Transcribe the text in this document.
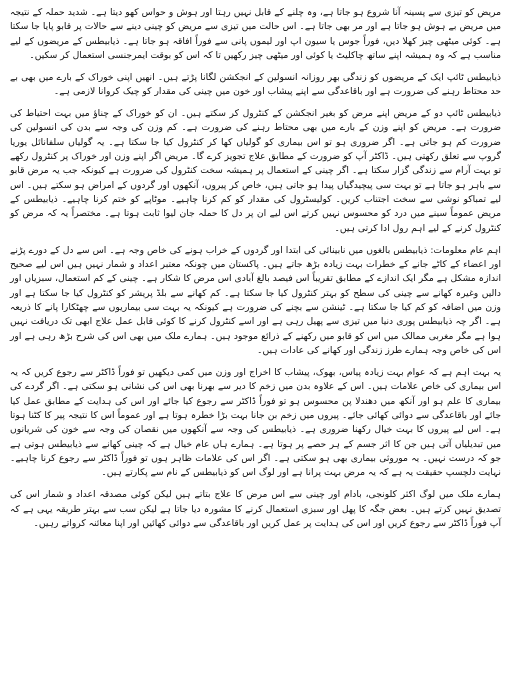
مریض کو تیزی سے پسینہ آنا شروع ہو جاتا ہے، وہ چلنے کے قابل نہیں رہتا اور ہوش و حواس کھو دیتا ہے۔ شدید حملہ کے نتیجہ میں مریض بے ہوش ہو جاتا ہے اور مر بھی جاتا ہے۔ اس حالت میں تیزی سے مریض کو چینی دینے سے حالات پر قابو پایا جا سکتا ہے۔ کوئی میٹھی چیز کھلا دیں، فوراً جوس یا سیون اپ اور لیموں پانی سے فوراً افاقہ ہو جاتا ہے۔ ذیابیطس کے مریضوں کے لیے مناسب ہے کہ وہ ہمیشہ اپنے ساتھ چاکلیٹ یا کوئی اور میٹھی چیز رکھیں تا کہ اس کو بوقت ایمرجنسی استعمال کر سکیں۔

ذیابیطس ٹائپ ایک کے مریضوں کو زندگی بھر روزانہ انسولین کے انجکشن لگانا پڑتے ہیں۔ انھیں اپنی خوراک کے بارے میں بھی بے حد محتاط رہنے کی ضرورت ہے اور باقاعدگی سے اپنے پیشاب اور خون میں چینی کی مقدار کو چیک کروانا لازمی ہے۔

ذیابیطس ٹائپ دو کے مریض اپنے مرض کو بغیر انجکشن کے کنٹرول کر سکتے ہیں۔ ان کو خوراک کے چناؤ میں بہت احتیاط کی ضرورت ہے۔ مریض کو اپنے وزن کے بارے میں بھی محتاط رہنے کی ضرورت ہے۔ کم وزن کی وجہ سے بدن کی انسولین کی ضرورت کم ہو جاتی ہے۔ اگر ضروری ہو تو اس بیماری کو گولیاں کھا کر کنٹرول کیا جا سکتا ہے۔ یہ گولیاں سلفانائل یوریا گروپ سے تعلق رکھتی ہیں۔ ڈاکٹر آپ کو ضرورت کے مطابق علاج تجویز کرے گا۔ مریض اگر اپنے وزن اور خوراک پر کنٹرول رکھے تو بہت آرام سے زندگی گزار سکتا ہے۔ اگر چینی کے استعمال پر ہمیشہ سخت کنٹرول کی ضرورت ہے کیونکہ جب یہ مرض قابو سے باہر ہو جاتا ہے تو بہت سی پیچیدگیاں پیدا ہو جاتی ہیں، خاص کر پیروں، آنکھوں اور گردوں کے امراض ہو سکتے ہیں۔ اس لیے تمباکو نوشی سے سخت اجتناب کریں۔ کولیسٹرول کی مقدار کو کم کرنا چاہیے۔ موٹاپے کو ختم کرنا چاہیے۔ ذیابیطس کے مریض عموماً سینے میں درد کو محسوس نہیں کرتے اس لیے ان پر دل کا حملہ جان لیوا ثابت ہوتا ہے۔ مختصراً یہ کہ مرض کو کنٹرول کرنے کے لیے اہم رول ادا کرتی ہیں۔

اہم عام معلومات: ذیابیطس بالغوں میں نابینائی کی ابتدا اور گردوں کے خراب ہونے کی خاص وجہ ہے۔ اس سے دل کے دورے پڑنے اور اعضاء کے کاٹے جانے کے خطرات بہت زیادہ بڑھ جاتے ہیں۔ پاکستان میں چونکہ معتبر اعداد و شمار نہیں ہیں اس لیے صحیح اندازہ مشکل ہے مگر ایک اندازے کے مطابق تقریباً اس فیصد بالغ آبادی اس مرض کا شکار ہے۔ چینی کے کم استعمال، سبزیاں اور دالیں وغیرہ کھانے سے چینی کی سطح کو بہتر کنٹرول کیا جا سکتا ہے۔ کم کھانے سے بلڈ پریشر کو کنٹرول کیا جا سکتا ہے اور وزن میں اضافہ کو کم کیا جا سکتا ہے۔ ٹینشن سے بچنے کی ضرورت ہے کیونکہ یہ بہت سی بیماریوں سے چھٹکارا پانے کا ذریعہ ہے۔ اگر چہ ذیابیطس پوری دنیا میں تیزی سے پھیل رہی ہے اور اسے کنٹرول کرنے کا کوئی قابل عمل علاج ابھی تک دریافت نہیں ہوا ہے مگر مغربی ممالک میں اس کو قابو میں رکھنے کے ذرائع موجود ہیں۔ ہمارے ملک میں بھی اس کی شرح بڑھ رہی ہے اور اس کی خاص وجہ ہمارے طرز زندگی اور کھانے کی عادات ہیں۔

یہ بہت اہم ہے کہ عوام بہت زیادہ پیاس، بھوک، پیشاب کا اخراج اور وزن میں کمی دیکھیں تو فوراً ڈاکٹر سے رجوع کریں کہ یہ اس بیماری کی خاص علامات ہیں۔ اس کے علاوہ بدن میں زخم کا دیر سے بھرنا بھی اس کی نشانی ہو سکتی ہے۔ اگر گردے کی بیماری کا علم ہو اور آنکھ میں دھندلا پن محسوس ہو تو فوراً ڈاکٹر سے رجوع کیا جائے اور اس کی ہدایت کے مطابق عمل کیا جائے اور باقاعدگی سے دوائی کھائی جائے۔ پیروں میں زخم بن جانا بہت بڑا خطرہ ہوتا ہے اور عموماً اس کا نتیجہ پیر کا کٹنا ہوتا ہے۔ اس لیے پیروں کا بہت خیال رکھنا ضروری ہے۔ ذیابیطس کی وجہ سے آنکھوں میں نقصان کی وجہ سے خون کی شریانوں میں تبدیلیاں آتی ہیں جن کا اثر جسم کے ہر حصے پر ہوتا ہے۔ ہمارے ہاں عام خیال ہے کہ چینی کھانے سے ذیابیطس ہوتی ہے جو کہ درست نہیں۔ یہ موروثی بیماری بھی ہو سکتی ہے۔ اگر اس کی علامات ظاہر ہوں تو فوراً ڈاکٹر سے رجوع کرنا چاہیے۔ نہایت دلچسپ حقیقت یہ ہے کہ یہ مرض بہت پرانا ہے اور لوگ اس کو ذیابیطس کے نام سے پکارتے ہیں۔

ہمارے ملک میں لوگ اکثر کلونجی، بادام اور چینی سے اس مرض کا علاج بتاتے ہیں لیکن کوئی مصدقہ اعداد و شمار اس کی تصدیق نہیں کرتے ہیں۔ بعض جگہ کا پھل اور سبزی استعمال کرنے کا مشورہ دیا جاتا ہے لیکن سب سے بہتر طریقہ یہی ہے کہ آپ فوراً ڈاکٹر سے رجوع کریں اور اس کی ہدایت پر عمل کریں اور باقاعدگی سے دوائی کھائیں اور اپنا معائنہ کرواتے رہیں۔
